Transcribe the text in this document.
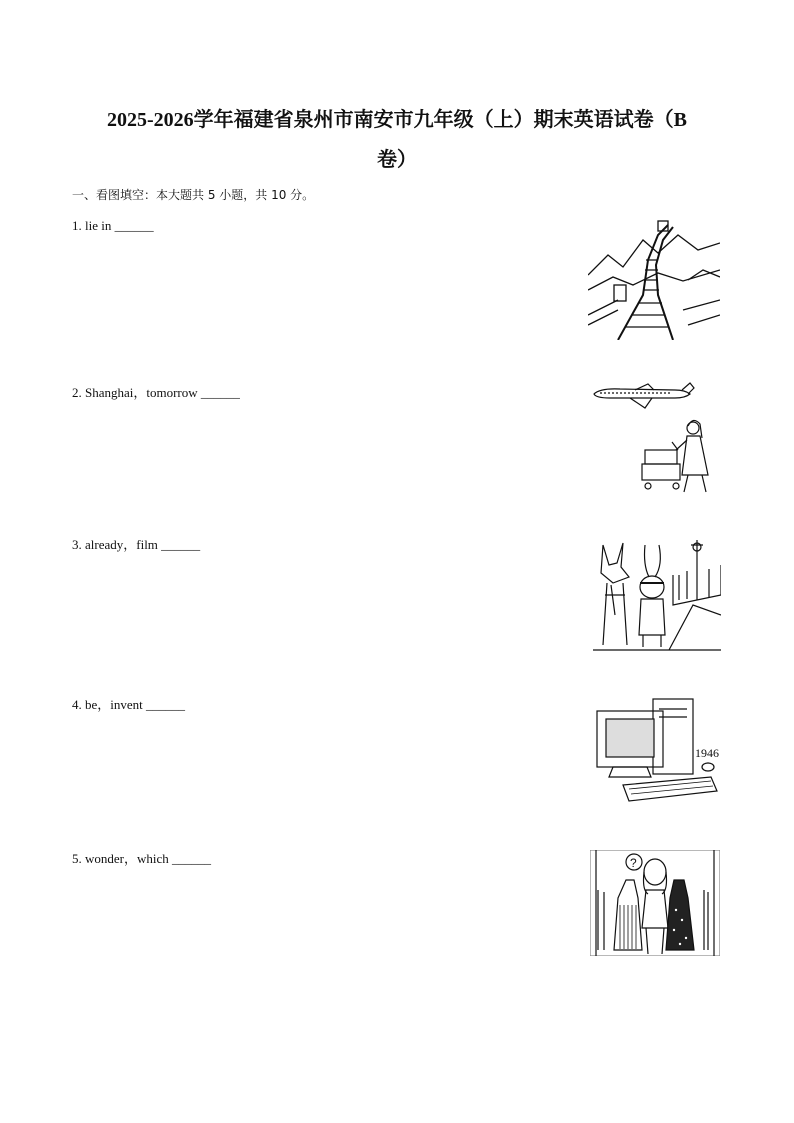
2025-2026学年福建省泉州市南安市九年级（上）期末英语试卷（B
卷）
一、看图填空：本大题共 5 小题，共 10 分。
1. lie in ______
2. Shanghai，tomorrow ______
3. already，film ______
4. be，invent ______
5. wonder，which ______
1946
?
